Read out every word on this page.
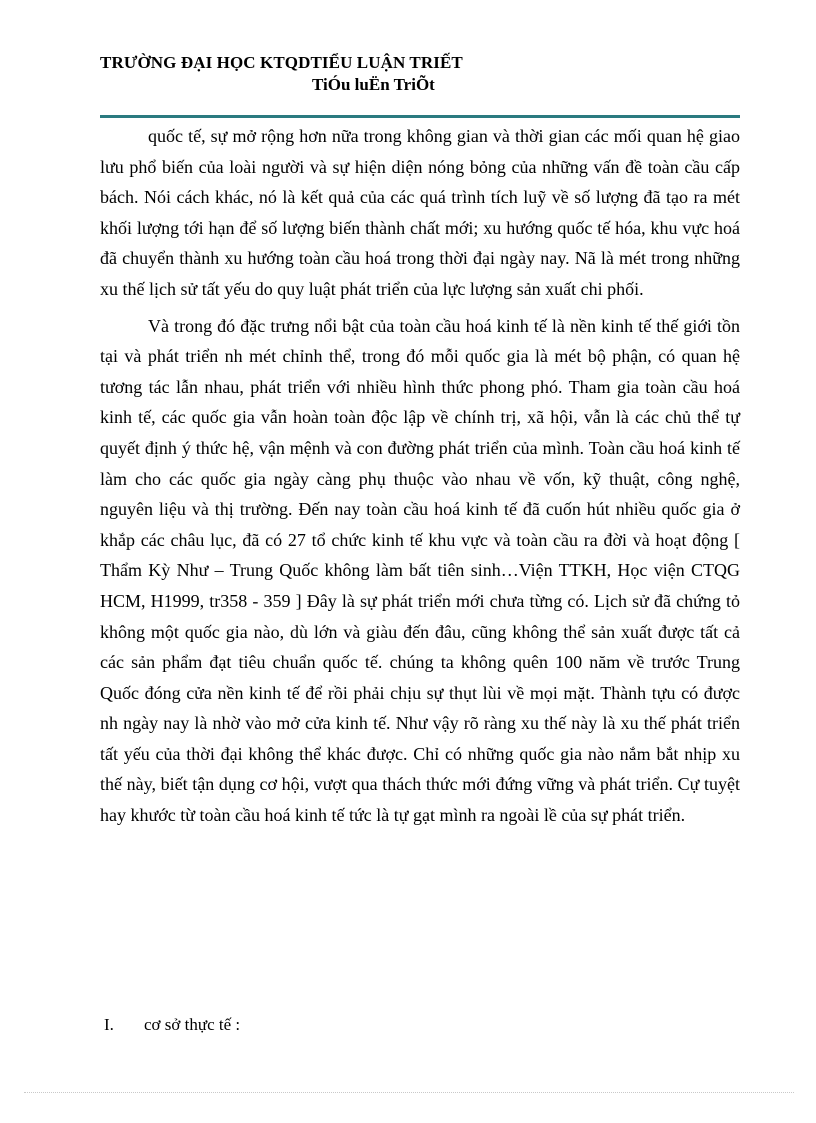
TRƯỜNG ĐẠI HỌC KTQDTIỂU LUẬN TRIẾT
TiÓu luËn TriÕt

quốc tế, sự mở rộng hơn nữa trong không gian và thời gian các mối quan hệ giao lưu phổ biến của loài người và sự hiện diện nóng bỏng của những vấn đề toàn cầu cấp bách. Nói cách khác, nó là kết quả của các quá trình tích luỹ về số lượng đã tạo ra mét khối lượng tới hạn để số lượng biến thành chất mới; xu hướng quốc tế hóa, khu vực hoá đã chuyển thành xu hướng toàn cầu hoá trong thời đại ngày nay. Nã là mét trong những xu thế lịch sử tất yếu do quy luật phát triển của lực lượng sản xuất chi phối.

Và trong đó đặc trưng nổi bật của toàn cầu hoá kinh tế là nền kinh tế thế giới tồn tại và phát triển nh mét chỉnh thể, trong đó mỗi quốc gia là mét bộ phận, có quan hệ tương tác lẫn nhau, phát triển với nhiều hình thức phong phó. Tham gia toàn cầu hoá kinh tế, các quốc gia vẫn hoàn toàn độc lập về chính trị, xã hội, vẫn là các chủ thể tự quyết định ý thức hệ, vận mệnh và con đường phát triển của mình. Toàn cầu hoá kinh tế làm cho các quốc gia ngày càng phụ thuộc vào nhau về vốn, kỹ thuật, công nghệ, nguyên liệu và thị trường. Đến nay toàn cầu hoá kinh tế đã cuốn hút nhiều quốc gia ở khắp các châu lục, đã có 27 tổ chức kinh tế khu vực và toàn cầu ra đời và hoạt động [ Thẩm Kỳ Như – Trung Quốc không làm bất tiên sinh…Viện TTKH, Học viện CTQG HCM, H1999, tr358 - 359 ] Đây là sự phát triển mới chưa từng có. Lịch sử đã chứng tỏ không một quốc gia nào, dù lớn và giàu đến đâu, cũng không thể sản xuất được tất cả các sản phẩm đạt tiêu chuẩn quốc tế. chúng ta không quên 100 năm về trước Trung Quốc đóng cửa nền kinh tế để rồi phải chịu sự thụt lùi về mọi mặt. Thành tựu có được nh ngày nay là nhờ vào mở cửa kinh tế. Như vậy rõ ràng xu thế này là xu thế phát triển tất yếu của thời đại không thể khác được. Chỉ có những quốc gia nào nắm bắt nhịp xu thế này, biết tận dụng cơ hội, vượt qua thách thức mới đứng vững và phát triển. Cự tuyệt hay khước từ toàn cầu hoá kinh tế tức là tự gạt mình ra ngoài lề của sự phát triển.

I. cơ sở thực tế :
